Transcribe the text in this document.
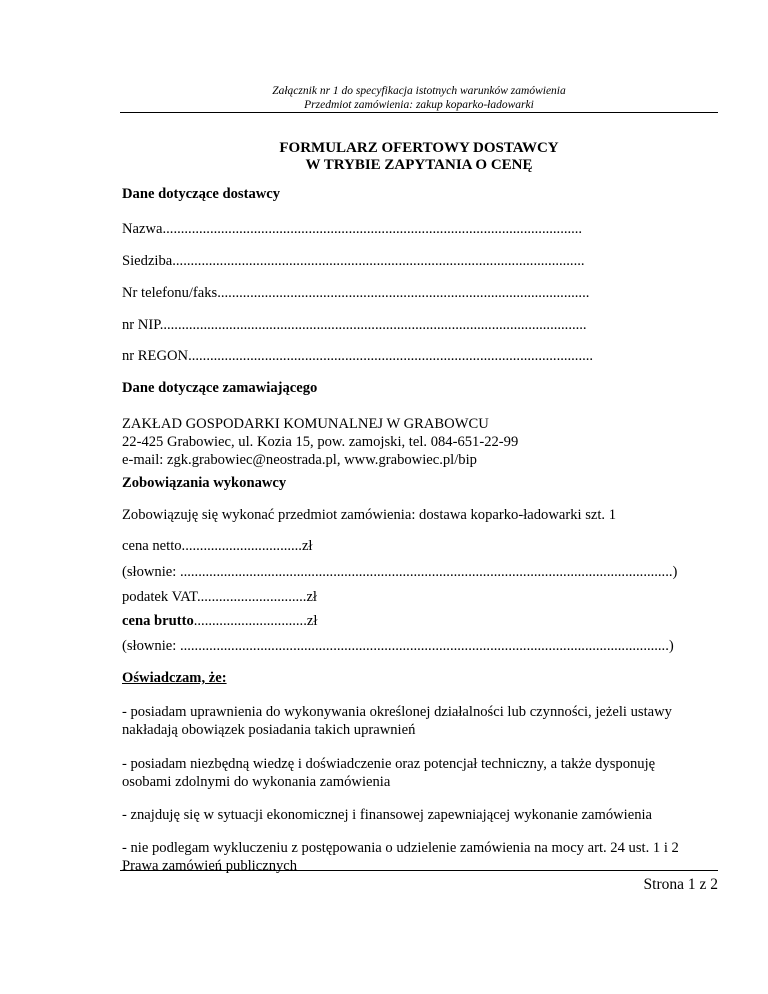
Załącznik nr 1 do specyfikacja istotnych warunków zamówienia
Przedmiot zamówienia: zakup koparko-ładowarki
FORMULARZ OFERTOWY DOSTAWCY
W TRYBIE ZAPYTANIA O CENĘ
Dane dotyczące dostawcy
Nazwa...................................................................................................................
Siedziba.................................................................................................................
Nr telefonu/faks......................................................................................................
nr NIP.....................................................................................................................
nr REGON...............................................................................................................
Dane dotyczące zamawiającego
ZAKŁAD GOSPODARKI KOMUNALNEJ W GRABOWCU
22-425 Grabowiec, ul. Kozia 15, pow. zamojski, tel. 084-651-22-99
e-mail: zgk.grabowiec@neostrada.pl, www.grabowiec.pl/bip
Zobowiązania wykonawcy
Zobowiązuję się wykonać przedmiot zamówienia: dostawa koparko-ładowarki szt. 1
cena netto.................................zł
(słownie: .......................................................................................................................................)
podatek VAT..............................zł
cena brutto...............................zł
(słownie: ......................................................................................................................................)
Oświadczam, że:
- posiadam uprawnienia do wykonywania określonej działalności lub czynności, jeżeli ustawy
nakładają obowiązek posiadania takich uprawnień
- posiadam niezbędną wiedzę i doświadczenie oraz potencjał techniczny, a także dysponuję
osobami zdolnymi do wykonania zamówienia
- znajduję się w sytuacji ekonomicznej i finansowej zapewniającej wykonanie zamówienia
- nie podlegam wykluczeniu z postępowania o udzielenie zamówienia na mocy art. 24 ust. 1 i 2
Prawa zamówień publicznych
Strona 1 z 2
